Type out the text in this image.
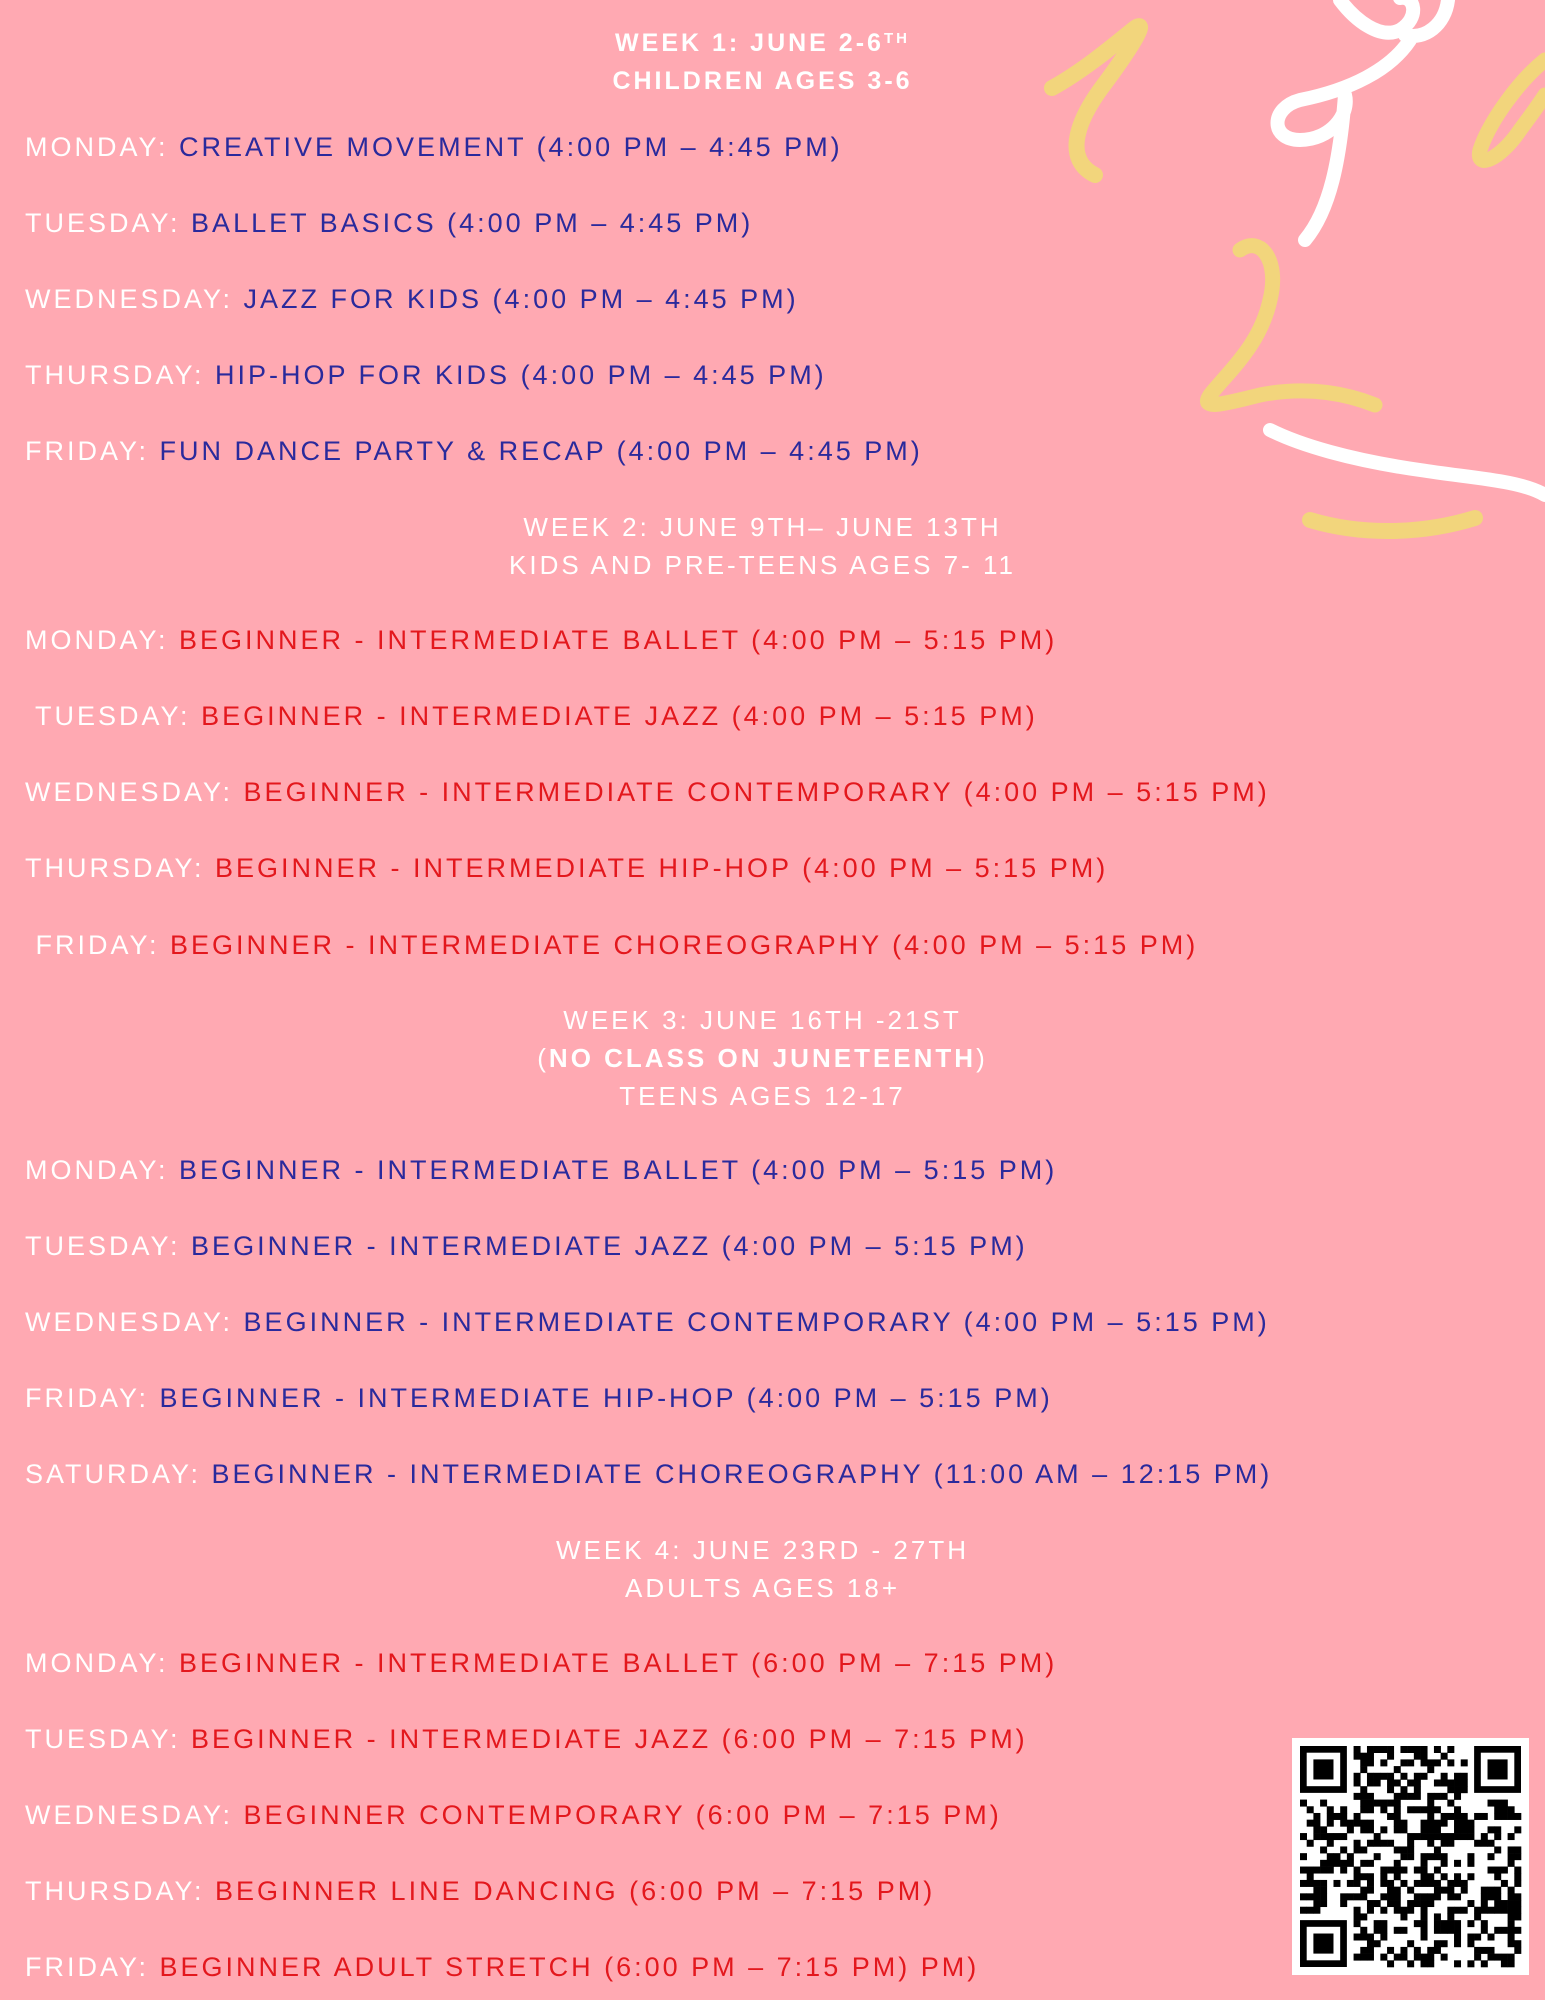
WEEK 1: JUNE 2-6TH
CHILDREN AGES 3-6
MONDAY: CREATIVE MOVEMENT (4:00 PM – 4:45 PM)
TUESDAY: BALLET BASICS (4:00 PM – 4:45 PM)
WEDNESDAY: JAZZ FOR KIDS (4:00 PM – 4:45 PM)
THURSDAY: HIP-HOP FOR KIDS (4:00 PM – 4:45 PM)
FRIDAY: FUN DANCE PARTY & RECAP (4:00 PM – 4:45 PM)
WEEK 2: JUNE 9TH– JUNE 13TH
KIDS AND PRE-TEENS AGES 7- 11
MONDAY: BEGINNER - INTERMEDIATE BALLET (4:00 PM – 5:15 PM)
TUESDAY: BEGINNER - INTERMEDIATE JAZZ (4:00 PM – 5:15 PM)
WEDNESDAY: BEGINNER - INTERMEDIATE CONTEMPORARY (4:00 PM – 5:15 PM)
THURSDAY: BEGINNER - INTERMEDIATE HIP-HOP (4:00 PM – 5:15 PM)
FRIDAY: BEGINNER - INTERMEDIATE CHOREOGRAPHY (4:00 PM – 5:15 PM)
WEEK 3: JUNE 16TH -21ST
(NO CLASS ON JUNETEENTH)
TEENS AGES 12-17
MONDAY: BEGINNER - INTERMEDIATE BALLET (4:00 PM – 5:15 PM)
TUESDAY: BEGINNER - INTERMEDIATE JAZZ (4:00 PM – 5:15 PM)
WEDNESDAY: BEGINNER - INTERMEDIATE CONTEMPORARY (4:00 PM – 5:15 PM)
FRIDAY: BEGINNER - INTERMEDIATE HIP-HOP (4:00 PM – 5:15 PM)
SATURDAY: BEGINNER - INTERMEDIATE CHOREOGRAPHY (11:00 AM – 12:15 PM)
WEEK 4: JUNE 23RD - 27TH
ADULTS AGES 18+
MONDAY: BEGINNER - INTERMEDIATE BALLET (6:00 PM – 7:15 PM)
TUESDAY: BEGINNER - INTERMEDIATE JAZZ (6:00 PM – 7:15 PM)
WEDNESDAY: BEGINNER CONTEMPORARY (6:00 PM – 7:15 PM)
THURSDAY: BEGINNER LINE DANCING (6:00 PM – 7:15 PM)
FRIDAY: BEGINNER ADULT STRETCH (6:00 PM – 7:15 PM) PM)
